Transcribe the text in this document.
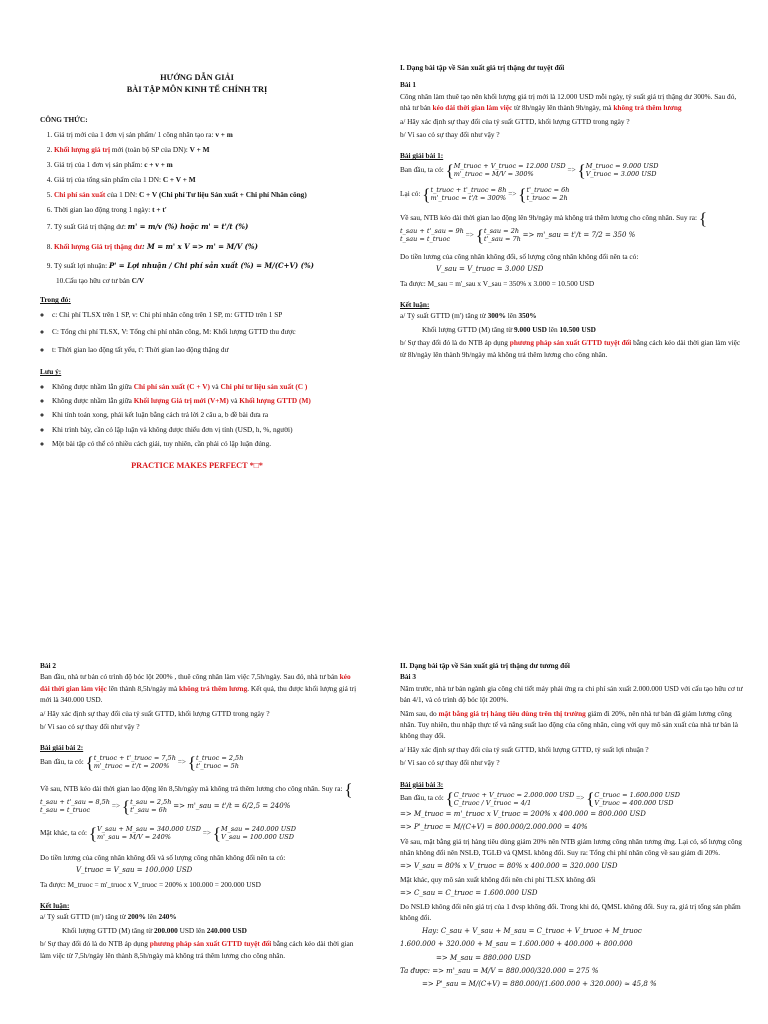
HƯỚNG DẪN GIẢI
BÀI TẬP MÔN KINH TẾ CHÍNH TRỊ
CÔNG THỨC:
1. Giá trị mới của 1 đơn vị sản phẩm/ 1 công nhân tạo ra: v + m
2. Khối lượng giá trị mới (toàn bộ SP của DN): V + M
3. Giá trị của 1 đơn vị sản phẩm: c + v + m
4. Giá trị của tổng sản phẩm của 1 DN: C + V + M
5. Chi phí sản xuất của 1 DN: C + V (Chi phí Tư liệu Sản xuất + Chi phí Nhân công)
6. Thời gian lao động trong 1 ngày: t + t'
7. Tỷ suất Giá trị thặng dư: m' = m/v (%) hoặc m' = t'/t (%)
8. Khối lượng Giá trị thặng dư: M = m' x V => m' = M/V (%)
9. Tỷ suất lợi nhuận: P' = Lợi nhuận / Chi phí sản xuất (%) = M/(C+V) (%)
10.Cấu tạo hữu cơ tư bản C/V
Trong đó:
◦ c: Chi phí TLSX trên 1 SP, v: Chi phí nhân công trên 1 SP, m: GTTD trên 1 SP
◦ C: Tổng chi phí TLSX, V: Tổng chi phí nhân công, M: Khối lượng GTTD thu được
◦ t: Thời gian lao động tất yếu, t': Thời gian lao động thặng dư
Lưu ý:
◦ Không được nhầm lẫn giữa Chi phí sản xuất (C + V) và Chi phí tư liệu sản xuất (C )
◦ Không được nhầm lẫn giữa Khối lượng Giá trị mới (V+M) và Khối lượng GTTD (M)
◦ Khi tính toán xong, phải kết luận bằng cách trả lời 2 câu a, b đề bài đưa ra
◦ Khi trình bày, cần có lập luận và không được thiếu đơn vị tính (USD, h, %, người)
◦ Một bài tập có thể có nhiều cách giải, tuy nhiên, cần phải có lập luận đúng.
PRACTICE MAKES PERFECT *□*
I. Dạng bài tập về Sản xuất giá trị thặng dư tuyệt đối
Bài 1
Công nhân làm thuê tạo nên khối lượng giá trị mới là 12.000 USD mỗi ngày, tỷ suất giá trị thặng dư 300%. Sau đó, nhà tư bản kéo dài thời gian làm việc từ 8h/ngày lên thành 9h/ngày, mà không trả thêm lương
a/ Hãy xác định sự thay đổi của tỷ suất GTTD, khối lượng GTTD trong ngày ?
b/ Vì sao có sự thay đổi như vậy ?
Bài giải bài 1:
Ban đầu, ta có: {M_truoc + V_truoc = 12.000 USD
m'_truoc = M/V = 300% => {M_truoc = 9.000 USD
V_truoc = 3.000 USD
Lại có: {t_truoc + t'_truoc = 8h
m'_truoc = t'/t = 300% => {t'_truoc = 6h
t_truoc = 2h
Về sau, NTB kéo dài thời gian lao động lên 9h/ngày mà không trả thêm lương cho công nhân. Suy ra: {t_sau + t'_sau = 9h
t_sau = t_truoc => {t_sau = 2h
t'_sau = 7h => m'_sau = t'/t = 7/2 = 350 %
Do tiền lương của công nhân không đổi, số lượng công nhân không đổi nên ta có:
V_sau = V_truoc = 3.000 USD
Ta được: M_sau = m'_sau x V_sau = 350% x 3.000 = 10.500 USD
Kết luận:
a/ Tỷ suất GTTD (m') tăng từ 300% lên 350%
Khối lượng GTTD (M) tăng từ 9.000 USD lên 10.500 USD
b/ Sự thay đổi đó là do NTB áp dụng phương pháp sản xuất GTTD tuyệt đối bằng cách kéo dài thời gian làm việc từ 8h/ngày lên thành 9h/ngày mà không trả thêm lương cho công nhân.
Bài 2
Ban đầu, nhà tư bản có trình độ bóc lột 200% , thuê công nhân làm việc 7,5h/ngày. Sau đó, nhà tư bản kéo dài thời gian làm việc lên thành 8,5h/ngày mà không trả thêm lương. Kết quả, thu được khối lượng giá trị mới là 340.000 USD.
a/ Hãy xác định sự thay đổi của tỷ suất GTTD, khối lượng GTTD trong ngày ?
b/ Vì sao có sự thay đổi như vậy ?
Bài giải bài 2:
Ban đầu, ta có: {t_truoc + t'_truoc = 7,5h
m'_truoc = t'/t = 200% => {t_truoc = 2,5h
t'_truoc = 5h
Về sau, NTB kéo dài thời gian lao động lên 8,5h/ngày mà không trả thêm lương cho công nhân. Suy ra: {t_sau + t'_sau = 8,5h
t_sau = t_truoc => {t_sau = 2,5h
t'_sau = 6h => m'_sau = t'/t = 6/2,5 = 240%
Mặt khác, ta có: {V_sau + M_sau = 340.000 USD
m'_sau = M/V = 240% => {M_sau = 240.000 USD
V_sau = 100.000 USD
Do tiền lương của công nhân không đổi và số lượng công nhân không đổi nên ta có:
V_truoc = V_sau = 100.000 USD
Ta được: M_truoc = m'_truoc x V_truoc = 200% x 100.000 = 200.000 USD
Kết luận:
a/ Tỷ suất GTTD (m') tăng từ 200% lên 240%
Khối lượng GTTD (M) tăng từ 200.000 USD lên 240.000 USD
b/ Sự thay đổi đó là do NTB áp dụng phương pháp sản xuất GTTD tuyệt đối bằng cách kéo dài thời gian làm việc từ 7,5h/ngày lên thành 8,5h/ngày mà không trả thêm lương cho công nhân.
II. Dạng bài tập về Sản xuất giá trị thặng dư tương đối
Bài 3
Năm trước, nhà tư bản ngành gia công chi tiết máy phải ứng ra chi phí sản xuất 2.000.000 USD với cấu tạo hữu cơ tư bản 4/1, và có trình độ bóc lột 200%.
Năm sau, do mặt bằng giá trị hàng tiêu dùng trên thị trường giảm đi 20%, nên nhà tư bản đã giảm lương công nhân. Tuy nhiên, thu nhập thực tế và năng suất lao động của công nhân, cùng với quy mô sản xuất của nhà tư bản là không thay đổi.
a/ Hãy xác định sự thay đổi của tỷ suất GTTD, khối lượng GTTD, tỷ suất lợi nhuận ?
b/ Vì sao có sự thay đổi như vậy ?
Bài giải bài 3:
Ban đầu, ta có: {C_truoc + V_truoc = 2.000.000 USD
C_truoc / V_truoc = 4/1 => {C_truoc = 1.600.000 USD
V_truoc = 400.000 USD
=> M_truoc = m'_truoc x V_truoc = 200% x 400.000 = 800.000 USD
=> P'_truoc = M/(C+V) = 800.000/2.000.000 = 40%
Về sau, mặt bằng giá trị hàng tiêu dùng giảm 20% nên NTB giảm lương công nhân tương ứng. Lại có, số lượng công nhân không đổi nên NSLĐ, TGLĐ và QMSL không đổi. Suy ra: Tổng chi phí nhân công về sau giảm đi 20%.
=> V_sau = 80% x V_truoc = 80% x 400.000 = 320.000 USD
Mặt khác, quy mô sản xuất không đổi nên chi phí TLSX không đổi
=> C_sau = C_truoc = 1.600.000 USD
Do NSLĐ không đổi nên giá trị của 1 đvsp không đổi. Trong khi đó, QMSL không đổi. Suy ra, giá trị tổng sản phẩm không đổi.
Hay: C_sau + V_sau + M_sau = C_truoc + V_truoc + M_truoc
1.600.000 + 320.000 + M_sau = 1.600.000 + 400.000 + 800.000
=> M_sau = 880.000 USD
Ta được: => m'_sau = M/V = 880.000/320.000 = 275 %
=> P'_sau = M/(C+V) = 880.000/(1.600.000 + 320.000) ≈ 45,8 %
